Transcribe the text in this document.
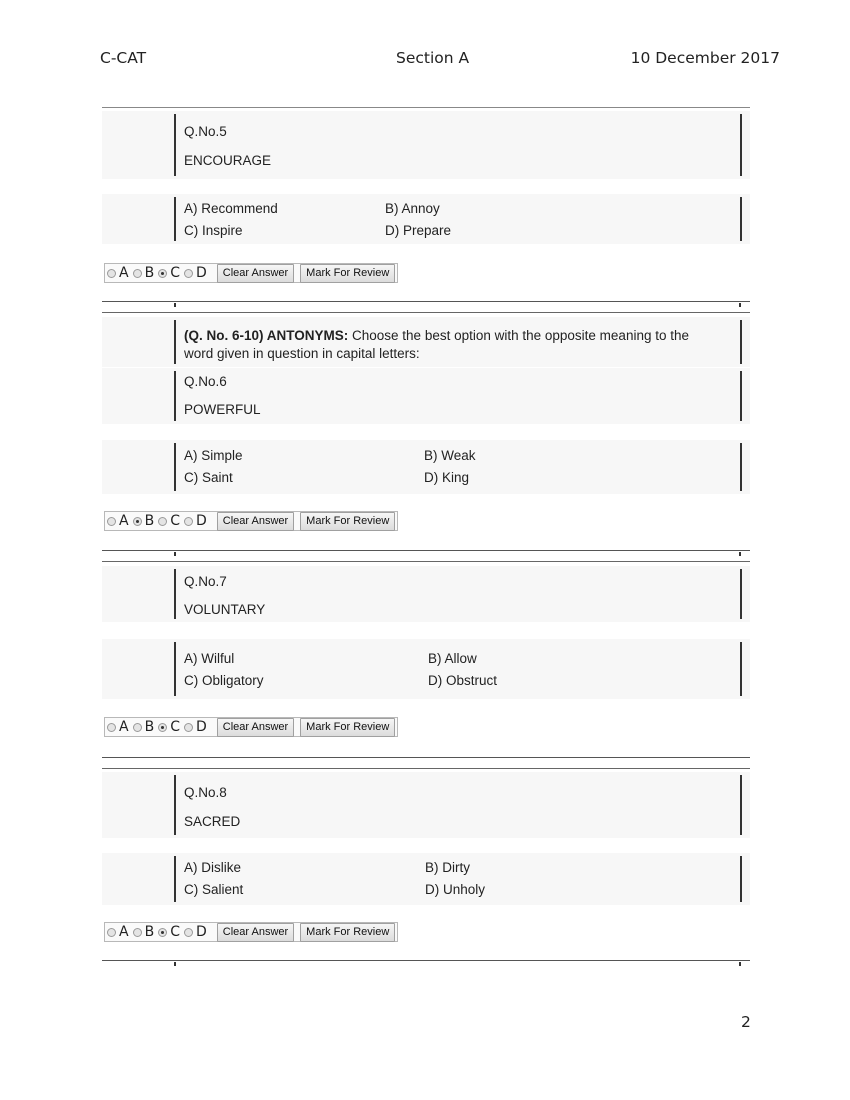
C-CAT	Section A	10 December 2017
Q.No.5
ENCOURAGE
A) Recommend	B) Annoy
C) Inspire	D) Prepare
A B C D	Clear Answer	Mark For Review
(Q. No. 6-10) ANTONYMS: Choose the best option with the opposite meaning to the word given in question in capital letters:
Q.No.6
POWERFUL
A) Simple	B) Weak
C) Saint	D) King
A B C D	Clear Answer	Mark For Review
Q.No.7
VOLUNTARY
A) Wilful	B) Allow
C) Obligatory	D) Obstruct
A B C D	Clear Answer	Mark For Review
Q.No.8
SACRED
A) Dislike	B) Dirty
C) Salient	D) Unholy
A B C D	Clear Answer	Mark For Review
2
